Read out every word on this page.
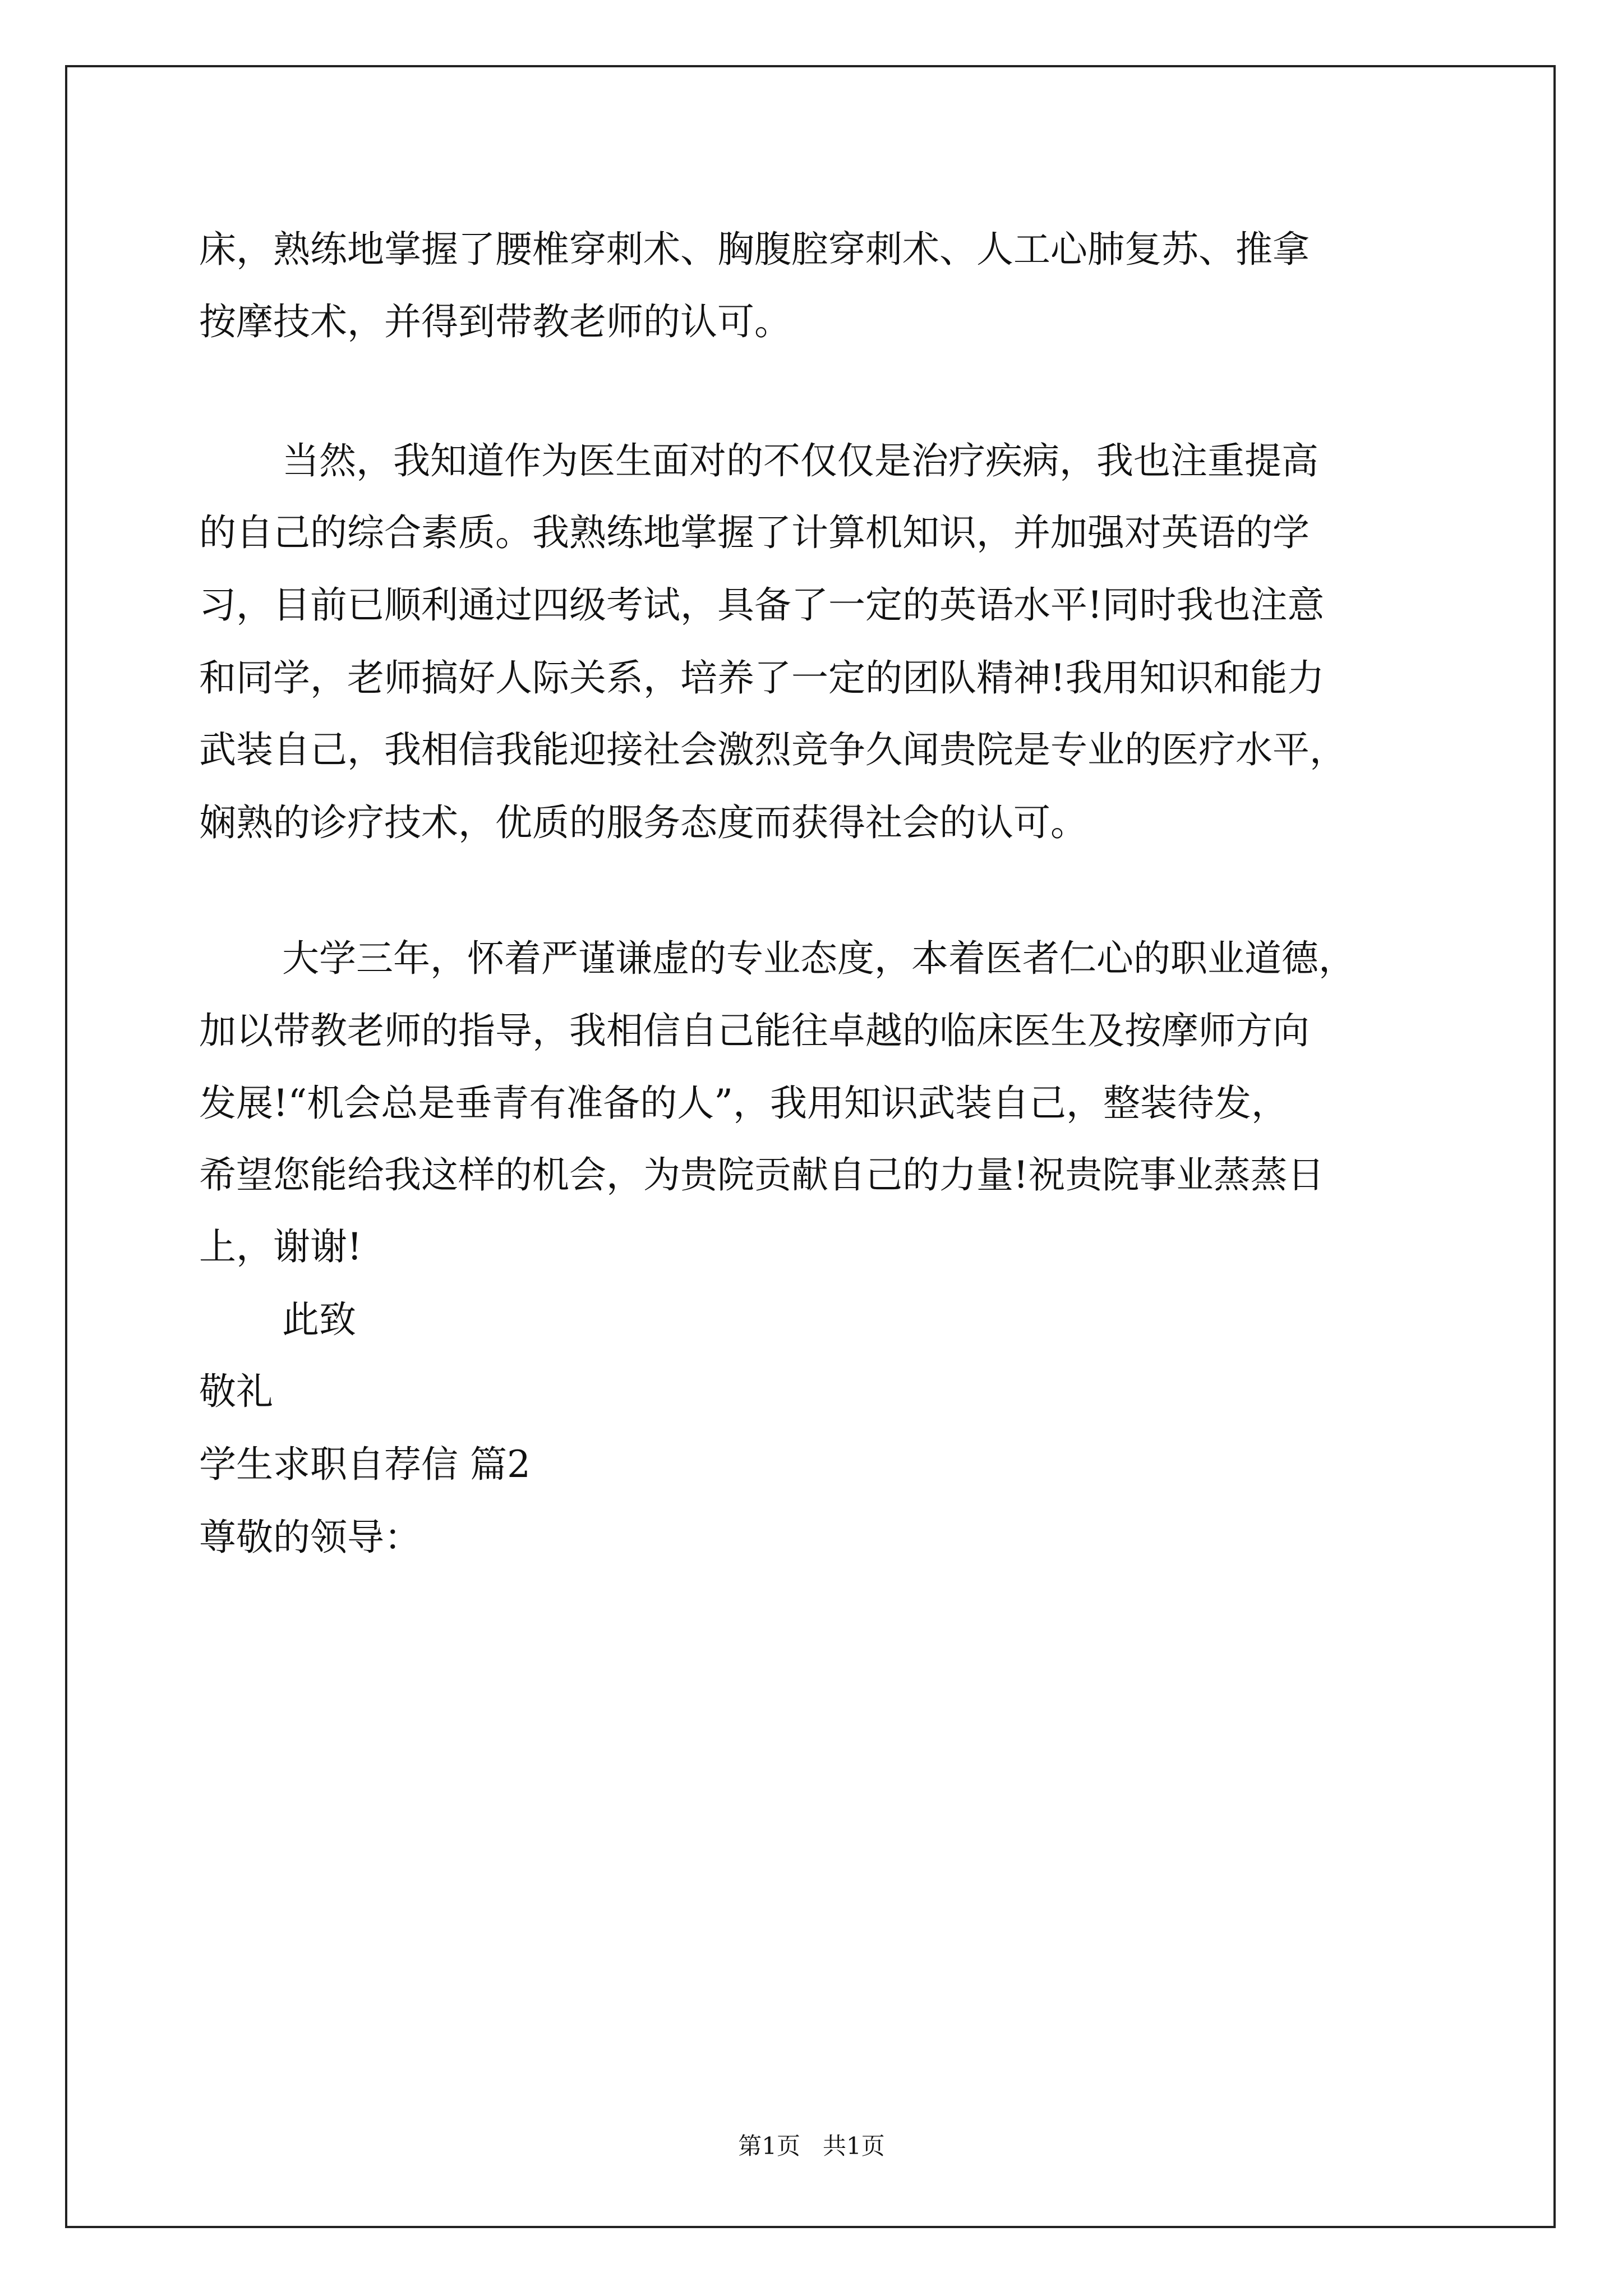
床，熟练地掌握了腰椎穿刺术、胸腹腔穿刺术、人工心肺复苏、推拿
按摩技术，并得到带教老师的认可。
当然，我知道作为医生面对的不仅仅是治疗疾病，我也注重提高
的自己的综合素质。我熟练地掌握了计算机知识，并加强对英语的学
习，目前已顺利通过四级考试，具备了一定的英语水平!同时我也注意
和同学，老师搞好人际关系，培养了一定的团队精神!我用知识和能力
武装自己，我相信我能迎接社会激烈竞争久闻贵院是专业的医疗水平，
娴熟的诊疗技术，优质的服务态度而获得社会的认可。
大学三年，怀着严谨谦虚的专业态度，本着医者仁心的职业道德，
加以带教老师的指导，我相信自己能往卓越的临床医生及按摩师方向
发展!“机会总是垂青有准备的人”，我用知识武装自己，整装待发，
希望您能给我这样的机会，为贵院贡献自己的力量!祝贵院事业蒸蒸日
上，谢谢!
此致
敬礼
学生求职自荐信 篇2
尊敬的领导：
第1页   共1页
